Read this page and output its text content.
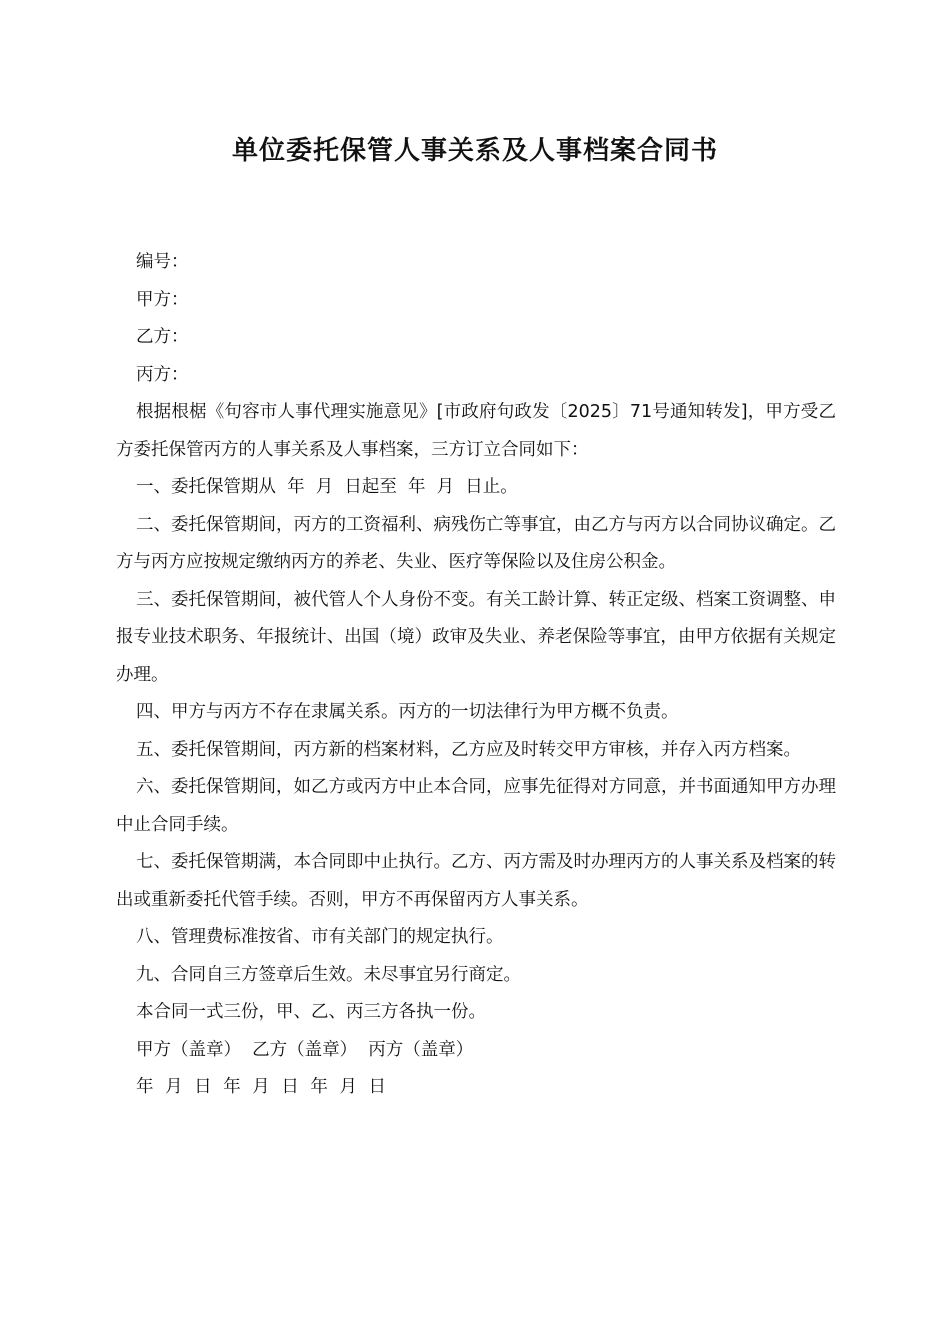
单位委托保管人事关系及人事档案合同书

编号：

甲方：

乙方：

丙方：

根据根椐《句容市人事代理实施意见》[市政府句政发〔2025〕71号通知转发]，甲方受乙方委托保管丙方的人事关系及人事档案，三方订立合同如下：

一、委托保管期从  年  月  日起至  年  月  日止。

二、委托保管期间，丙方的工资福利、病残伤亡等事宜，由乙方与丙方以合同协议确定。乙方与丙方应按规定缴纳丙方的养老、失业、医疗等保险以及住房公积金。

三、委托保管期间，被代管人个人身份不变。有关工龄计算、转正定级、档案工资调整、申报专业技术职务、年报统计、出国（境）政审及失业、养老保险等事宜，由甲方依据有关规定办理。

四、甲方与丙方不存在隶属关系。丙方的一切法律行为甲方概不负责。

五、委托保管期间，丙方新的档案材料，乙方应及时转交甲方审核，并存入丙方档案。

六、委托保管期间，如乙方或丙方中止本合同，应事先征得对方同意，并书面通知甲方办理中止合同手续。

七、委托保管期满，本合同即中止执行。乙方、丙方需及时办理丙方的人事关系及档案的转出或重新委托代管手续。否则，甲方不再保留丙方人事关系。

八、管理费标准按省、市有关部门的规定执行。

九、合同自三方签章后生效。未尽事宜另行商定。

本合同一式三份，甲、乙、丙三方各执一份。

甲方（盖章）  乙方（盖章）  丙方（盖章）

年 月 日 年 月 日 年 月 日
